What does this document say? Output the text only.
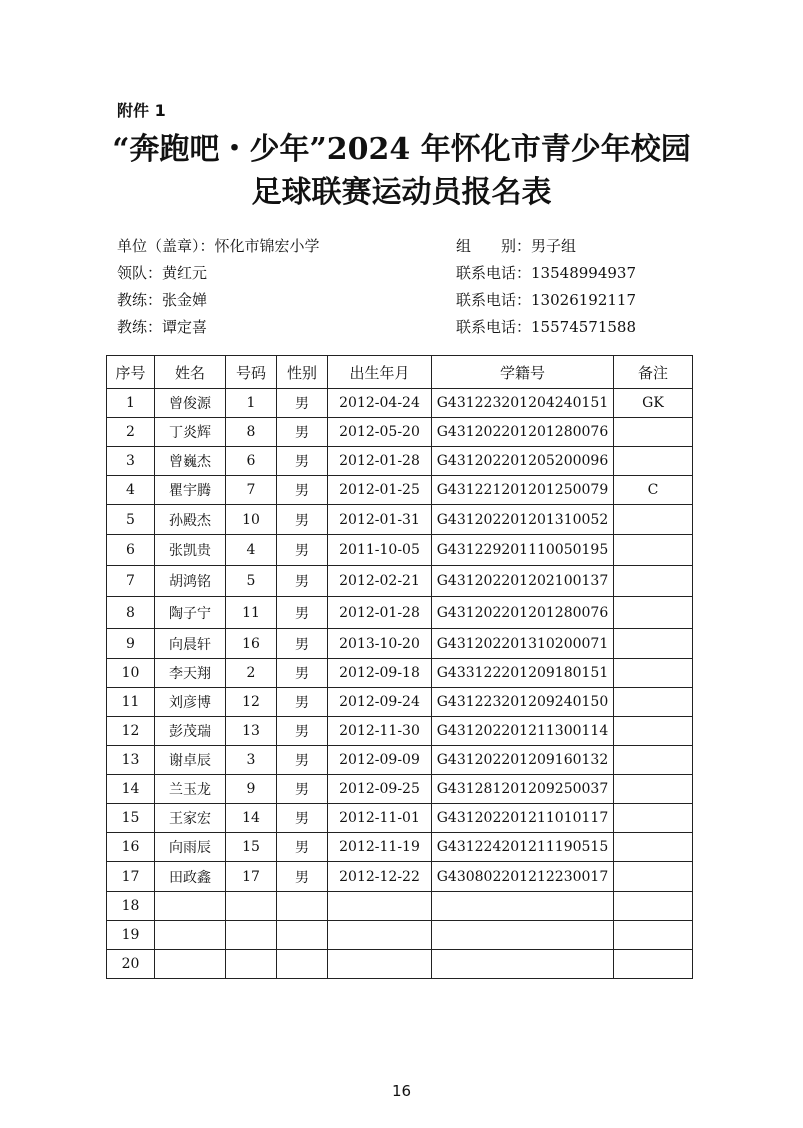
附件 1
“奔跑吧・少年”2024 年怀化市青少年校园
足球联赛运动员报名表
单位（盖章）：怀化市锦宏小学	组　　别：男子组
领队：黄红元	联系电话：13548994937
教练：张金婵	联系电话：13026192117
教练：谭定喜	联系电话：15574571588
序号	姓名	号码	性别	出生年月	学籍号	备注
1	曾俊源	1	男	2012-04-24	G431223201204240151	GK
2	丁炎辉	8	男	2012-05-20	G431202201201280076	
3	曾巍杰	6	男	2012-01-28	G431202201205200096	
4	瞿宇腾	7	男	2012-01-25	G431221201201250079	C
5	孙殿杰	10	男	2012-01-31	G431202201201310052	
6	张凯贵	4	男	2011-10-05	G431229201110050195	
7	胡鸿铭	5	男	2012-02-21	G431202201202100137	
8	陶子宁	11	男	2012-01-28	G431202201201280076	
9	向晨轩	16	男	2013-10-20	G431202201310200071	
10	李天翔	2	男	2012-09-18	G433122201209180151	
11	刘彦博	12	男	2012-09-24	G431223201209240150	
12	彭茂瑞	13	男	2012-11-30	G431202201211300114	
13	谢卓辰	3	男	2012-09-09	G431202201209160132	
14	兰玉龙	9	男	2012-09-25	G431281201209250037	
15	王家宏	14	男	2012-11-01	G431202201211010117	
16	向雨辰	15	男	2012-11-19	G431224201211190515	
17	田政鑫	17	男	2012-12-22	G430802201212230017	
18						
19						
20						
16
